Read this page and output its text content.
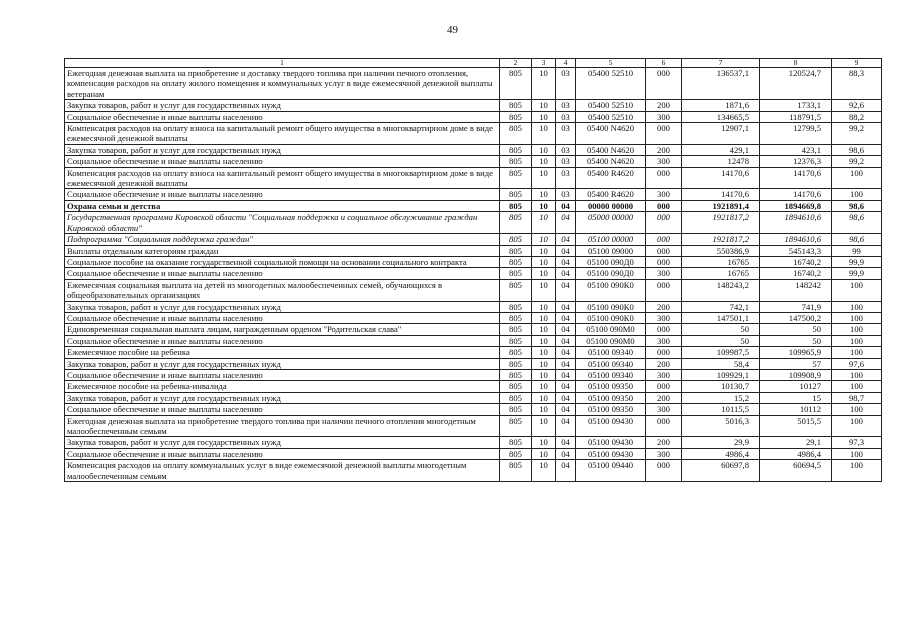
49
1	2	3	4	5	6	7	8	9
Ежегодная денежная выплата на приобретение и доставку твердого топлива при наличии печного отопления, компенсация расходов на оплату жилого помещения и коммунальных услуг в виде ежемесячной денежной выплаты ветеранам	805	10	03	05400 52510	000	136537,1	120524,7	88,3
Закупка товаров, работ и услуг для государственных нужд	805	10	03	05400 52510	200	1871,6	1733,1	92,6
Социальное обеспечение и иные выплаты населению	805	10	03	05400 52510	300	134665,5	118791,5	88,2
Компенсация расходов на оплату взноса на капитальный ремонт общего имущества в многоквартирном доме в виде ежемесячной денежной выплаты	805	10	03	05400 N4620	000	12907,1	12799,5	99,2
Закупка товаров, работ и услуг для государственных нужд	805	10	03	05400 N4620	200	429,1	423,1	98,6
Социальное обеспечение и иные выплаты населению	805	10	03	05400 N4620	300	12478	12376,3	99,2
Компенсация расходов на оплату взноса на капитальный ремонт общего имущества в многоквартирном доме в виде ежемесячной денежной выплаты	805	10	03	05400 R4620	000	14170,6	14170,6	100
Социальное обеспечение и иные выплаты населению	805	10	03	05400 R4620	300	14170,6	14170,6	100
Охрана семьи и детства	805	10	04	00000 00000	000	1921891,4	1894669,8	98,6
Государственная программа Кировской области "Социальная поддержка и социальное обслуживание граждан Кировской области"	805	10	04	05000 00000	000	1921817,2	1894610,6	98,6
Подпрограмма "Социальная поддержка граждан"	805	10	04	05100 00000	000	1921817,2	1894610,6	98,6
Выплаты отдельным категориям граждан	805	10	04	05100 09000	000	550386,9	545143,3	99
Социальное пособие на оказание государственной социальной помощи на основании социального контракта	805	10	04	05100 090Д0	000	16765	16740,2	99,9
Социальное обеспечение и иные выплаты населению	805	10	04	05100 090Д0	300	16765	16740,2	99,9
Ежемесячная социальная выплата на детей из многодетных малообеспеченных семей, обучающихся в общеобразовательных организациях	805	10	04	05100 090К0	000	148243,2	148242	100
Закупка товаров, работ и услуг для государственных нужд	805	10	04	05100 090К0	200	742,1	741,9	100
Социальное обеспечение и иные выплаты населению	805	10	04	05100 090К0	300	147501,1	147500,2	100
Единовременная социальная выплата лицам, награжденным орденом "Родительская слава"	805	10	04	05100 090М0	000	50	50	100
Социальное обеспечение и иные выплаты населению	805	10	04	05100 090М0	300	50	50	100
Ежемесячное пособие на ребенка	805	10	04	05100 09340	000	109987,5	109965,9	100
Закупка товаров, работ и услуг для государственных нужд	805	10	04	05100 09340	200	58,4	57	97,6
Социальное обеспечение и иные выплаты населению	805	10	04	05100 09340	300	109929,1	109908,9	100
Ежемесячное пособие на ребенка-инвалида	805	10	04	05100 09350	000	10130,7	10127	100
Закупка товаров, работ и услуг для государственных нужд	805	10	04	05100 09350	200	15,2	15	98,7
Социальное обеспечение и иные выплаты населению	805	10	04	05100 09350	300	10115,5	10112	100
Ежегодная денежная выплата на приобретение твердого топлива при наличии печного отопления многодетным малообеспеченным семьям	805	10	04	05100 09430	000	5016,3	5015,5	100
Закупка товаров, работ и услуг для государственных нужд	805	10	04	05100 09430	200	29,9	29,1	97,3
Социальное обеспечение и иные выплаты населению	805	10	04	05100 09430	300	4986,4	4986,4	100
Компенсация расходов на оплату коммунальных услуг в виде ежемесячной денежной выплаты многодетным малообеспеченным семьям	805	10	04	05100 09440	000	60697,8	60694,5	100
